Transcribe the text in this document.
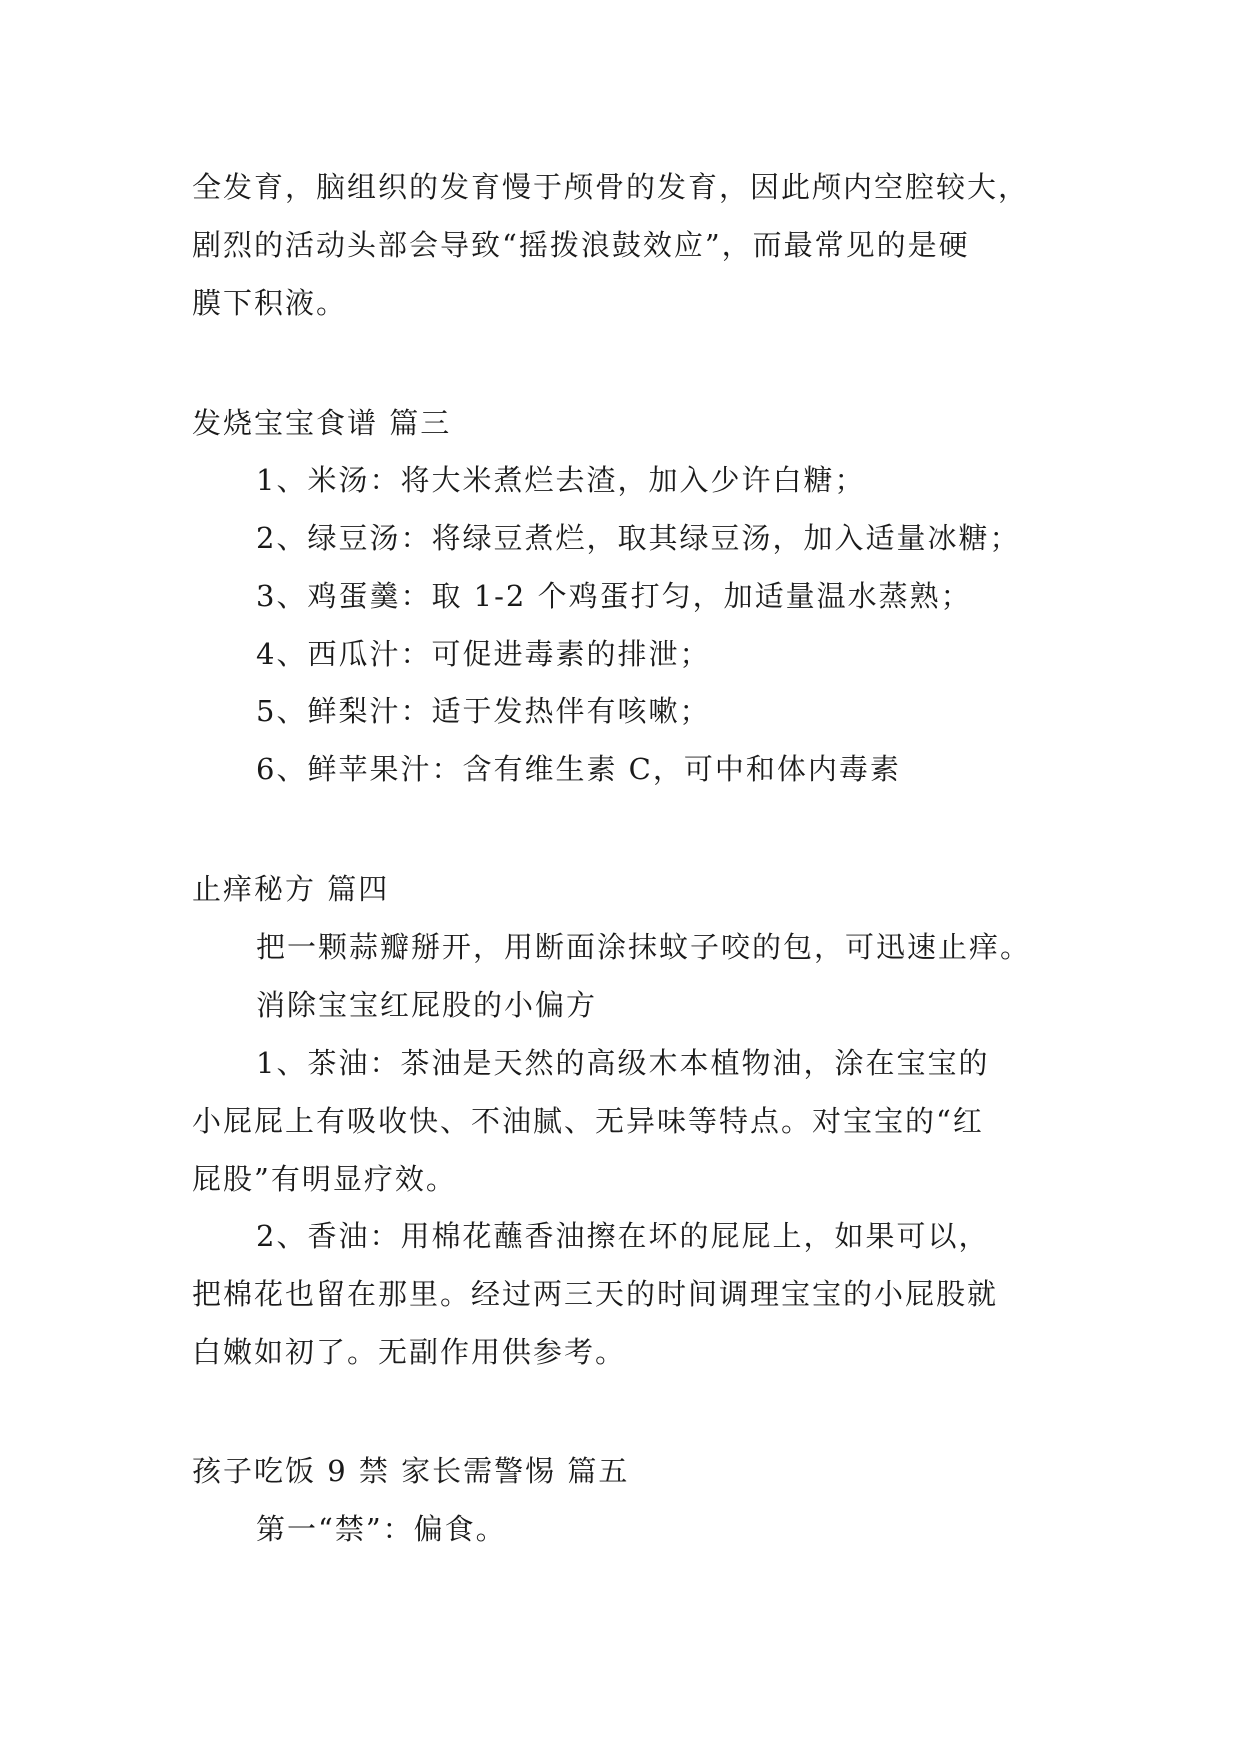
全发育，脑组织的发育慢于颅骨的发育，因此颅内空腔较大，
剧烈的活动头部会导致“摇拨浪鼓效应”，而最常见的是硬
膜下积液。
发烧宝宝食谱 篇三
1、米汤：将大米煮烂去渣，加入少许白糖；
2、绿豆汤：将绿豆煮烂，取其绿豆汤，加入适量冰糖；
3、鸡蛋羹：取 1-2 个鸡蛋打匀，加适量温水蒸熟；
4、西瓜汁：可促进毒素的排泄；
5、鲜梨汁：适于发热伴有咳嗽；
6、鲜苹果汁：含有维生素 C，可中和体内毒素
止痒秘方 篇四
把一颗蒜瓣掰开，用断面涂抹蚊子咬的包，可迅速止痒。
消除宝宝红屁股的小偏方
1、茶油：茶油是天然的高级木本植物油，涂在宝宝的
小屁屁上有吸收快、不油腻、无异味等特点。对宝宝的“红
屁股”有明显疗效。
2、香油：用棉花蘸香油擦在坏的屁屁上，如果可以，
把棉花也留在那里。经过两三天的时间调理宝宝的小屁股就
白嫩如初了。无副作用供参考。
孩子吃饭 9 禁 家长需警惕 篇五
第一“禁”：偏食。
